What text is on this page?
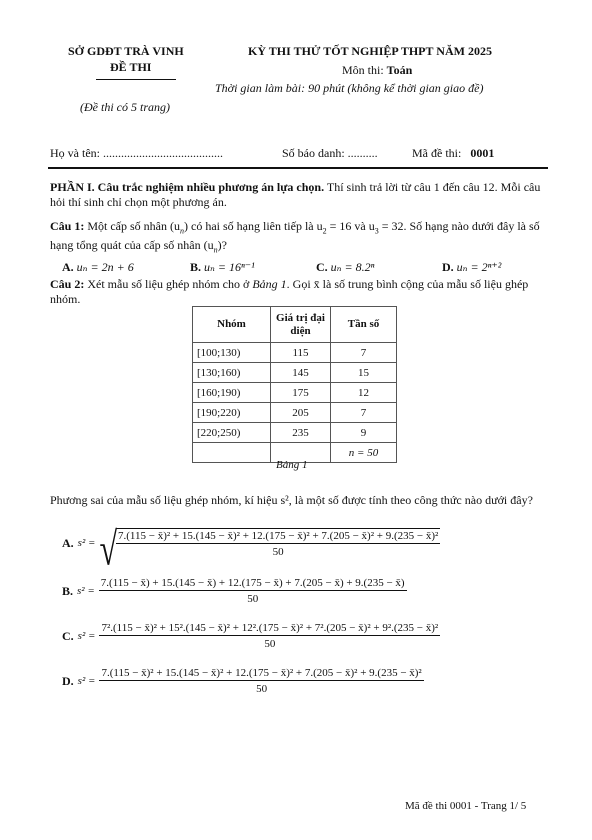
SỞ GDĐT TRÀ VINH
ĐỀ THI
(Đề thi có 5 trang)
KỲ THI THỬ TỐT NGHIỆP THPT NĂM 2025
Môn thi: Toán
Thời gian làm bài: 90 phút (không kể thời gian giao đề)
Họ và tên: ........................................	Số báo danh: ..........	Mã đề thi: 0001
PHẦN I. Câu trắc nghiệm nhiều phương án lựa chọn. Thí sinh trả lời từ câu 1 đến câu 12. Mỗi câu hỏi thí sinh chỉ chọn một phương án.
Câu 1: Một cấp số nhân $(u_n)$ có hai số hạng liên tiếp là $u_2 = 16$ và $u_3 = 32$. Số hạng nào dưới đây là số hạng tổng quát của cấp số nhân $(u_n)$?
A. uₙ = 2n + 6	B. uₙ = 16ⁿ⁻¹	C. uₙ = 8.2ⁿ	D. uₙ = 2ⁿ⁺²
Câu 2: Xét mẫu số liệu ghép nhóm cho ở Bảng 1. Gọi x̄ là số trung bình cộng của mẫu số liệu ghép nhóm.
Nhóm	Giá trị đại diện	Tần số
[100;130)	115	7
[130;160)	145	15
[160;190)	175	12
[190;220)	205	7
[220;250)	235	9
		n = 50
Bảng 1
Phương sai của mẫu số liệu ghép nhóm, kí hiệu s², là một số được tính theo công thức nào dưới đây?
A. s² = √ 7.(115 − x̄)² + 15.(145 − x̄)² + 12.(175 − x̄)² + 7.(205 − x̄)² + 9.(235 − x̄)²
50
B. s² =
7.(115 − x̄) + 15.(145 − x̄) + 12.(175 − x̄) + 7.(205 − x̄) + 9.(235 − x̄)
50
C. s² =
7².(115 − x̄)² + 15².(145 − x̄)² + 12².(175 − x̄)² + 7².(205 − x̄)² + 9².(235 − x̄)²
50
D. s² =
7.(115 − x̄)² + 15.(145 − x̄)² + 12.(175 − x̄)² + 7.(205 − x̄)² + 9.(235 − x̄)²
50
Mã đề thi 0001 - Trang 1/ 5
